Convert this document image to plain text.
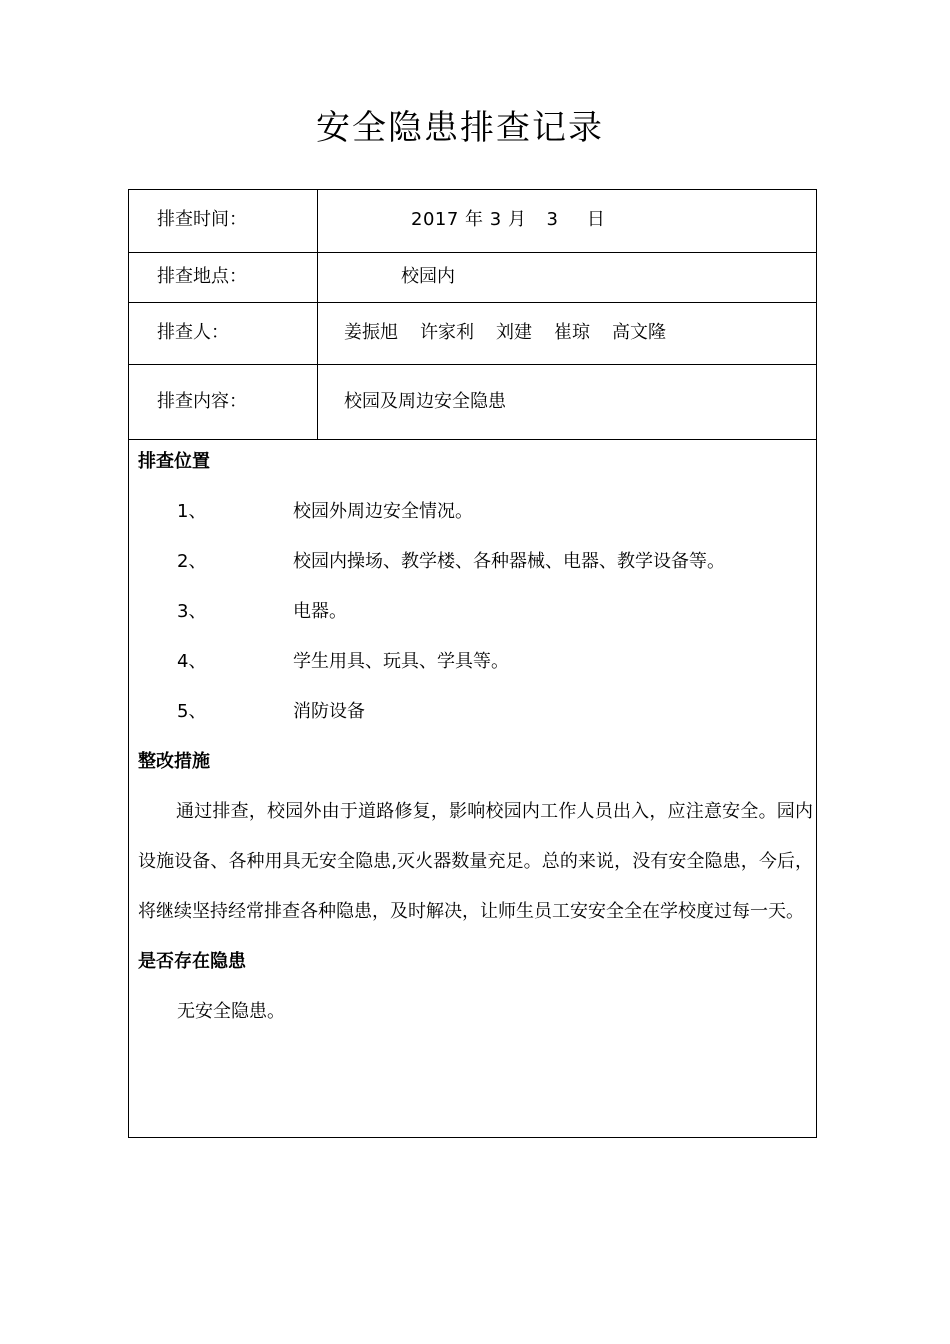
安全隐患排查记录
排查时间：	2017 年 3 月 3 日
排查地点：	校园内
排查人：	姜振旭 许家利 刘建 崔琼 高文隆
排查内容：	校园及周边安全隐患
排查位置
1、	校园外周边安全情况。
2、	校园内操场、教学楼、各种器械、电器、教学设备等。
3、	电器。
4、	学生用具、玩具、学具等。
5、	消防设备
整改措施
通过排查，校园外由于道路修复，影响校园内工作人员出入，应注意安全。园内设施设备、各种用具无安全隐患,灭火器数量充足。总的来说，没有安全隐患，今后，将继续坚持经常排查各种隐患，及时解决，让师生员工安安全全在学校度过每一天。
是否存在隐患
无安全隐患。
